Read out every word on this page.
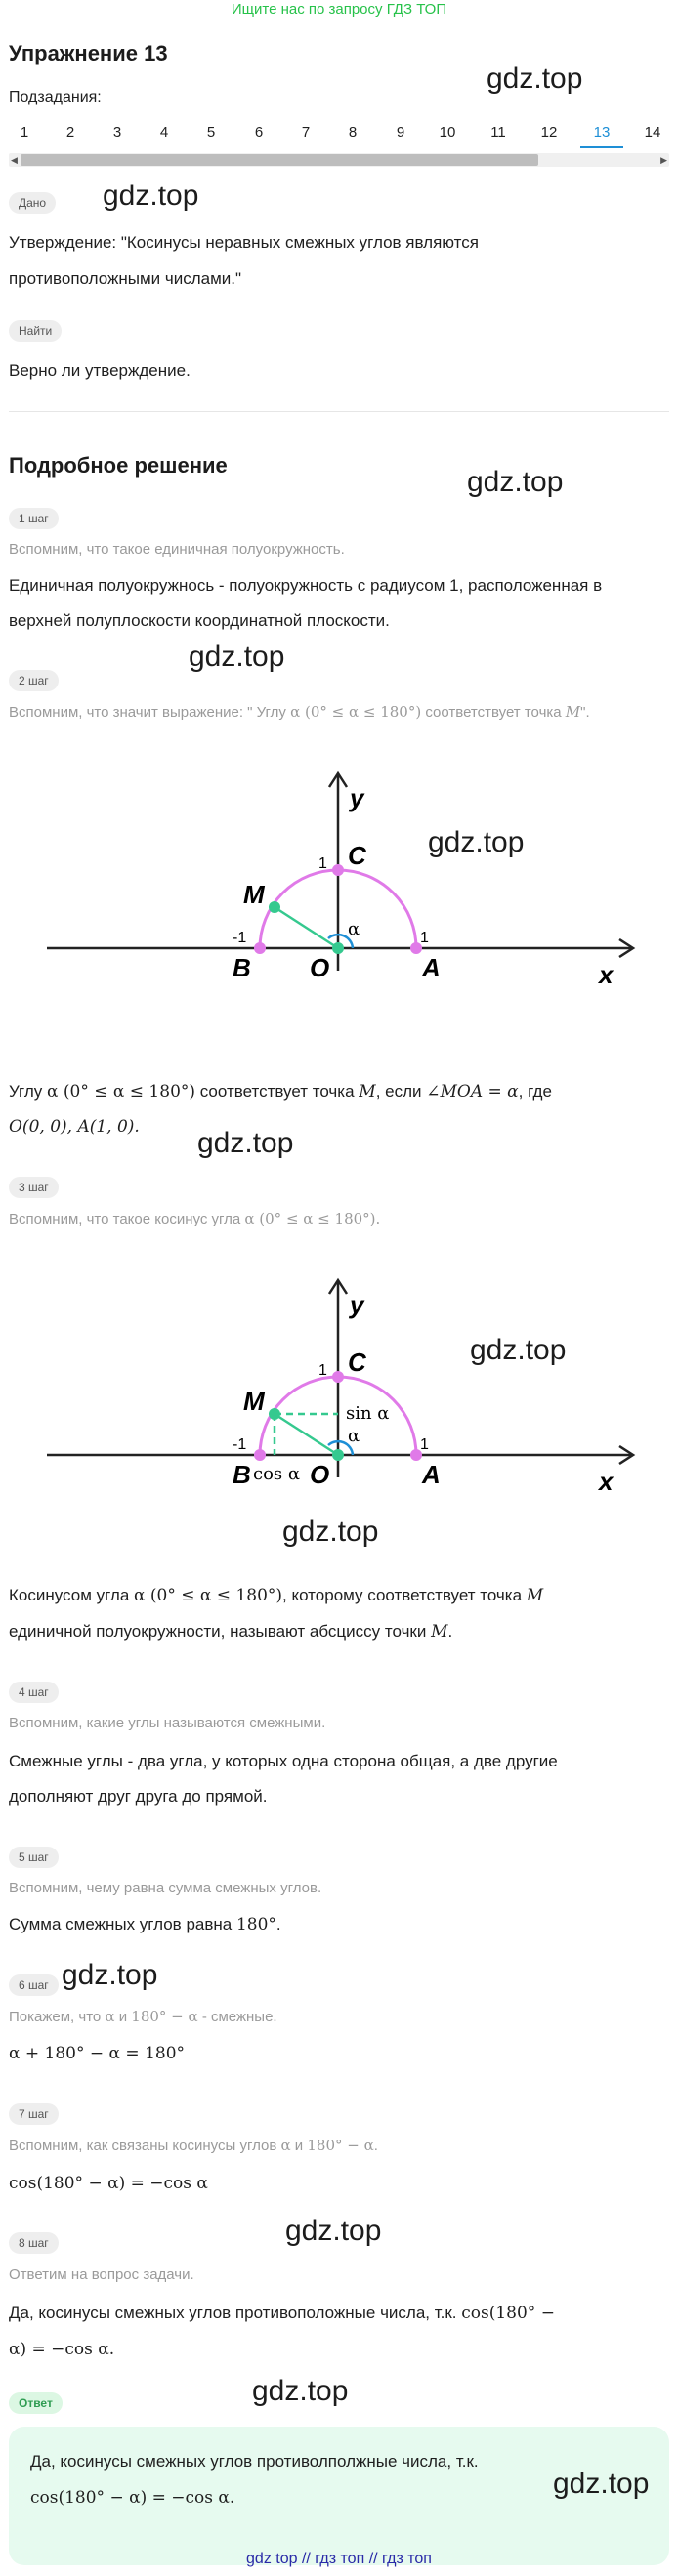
Ищите нас по запросу ГДЗ ТОП
Упражнение 13
gdz.top
Подзадания:
1	2	3	4	5	6	7	8	9	10	11	12	13	14
◀	▶
Дано	gdz.top
Утверждение: "Косинусы неравных смежных углов являются
противоположными числами."
Найти
Верно ли утверждение.
Подробное решение
gdz.top
1 шаг
Вспомним, что такое единичная полуокружность.
Единичная полуокружнось - полуокружность с радиусом 1, расположенная в
верхней полуплоскости координатной плоскости.
2 шаг
gdz.top
Вспомним, что значит выражение: " Углу α (0° ≤ α ≤ 180°) соответствует точка M".
y
x
C
1
M
α
-1	1
B O	A
gdz.top
Углу α (0° ≤ α ≤ 180°) соответствует точка M, если ∠MOA = α, где
O(0, 0), A(1, 0). gdz.top
3 шаг
Вспомним, что такое косинус угла α (0° ≤ α ≤ 180°).
y
x
C
1
M	sin α
α
-1	1
B cos α O	A
gdz.top
gdz.top
Косинусом угла α (0° ≤ α ≤ 180°), которому соответствует точка M
единичной полуокружности, называют абсциссу точки M.
4 шаг
Вспомним, какие углы называются смежными.
Смежные углы - два угла, у которых одна сторона общая, а две другие
дополняют друг друга до прямой.
5 шаг
Вспомним, чему равна сумма смежных углов.
Сумма смежных углов равна 180°.
6 шаг gdz.top
Покажем, что α и 180° − α - смежные.
α + 180° − α = 180°
7 шаг
Вспомним, как связаны косинусы углов α и 180° − α.
cos(180° − α) = −cos α
8 шаг	gdz.top
Ответим на вопрос задачи.
Да, косинусы смежных углов противоположные числа, т.к. cos(180° −
α) = −cos α.
Ответ	gdz.top
Да, косинусы смежных углов противолполжные числа, т.к.
cos(180° − α) = −cos α.	gdz.top
gdz top // гдз топ // гдз топ
